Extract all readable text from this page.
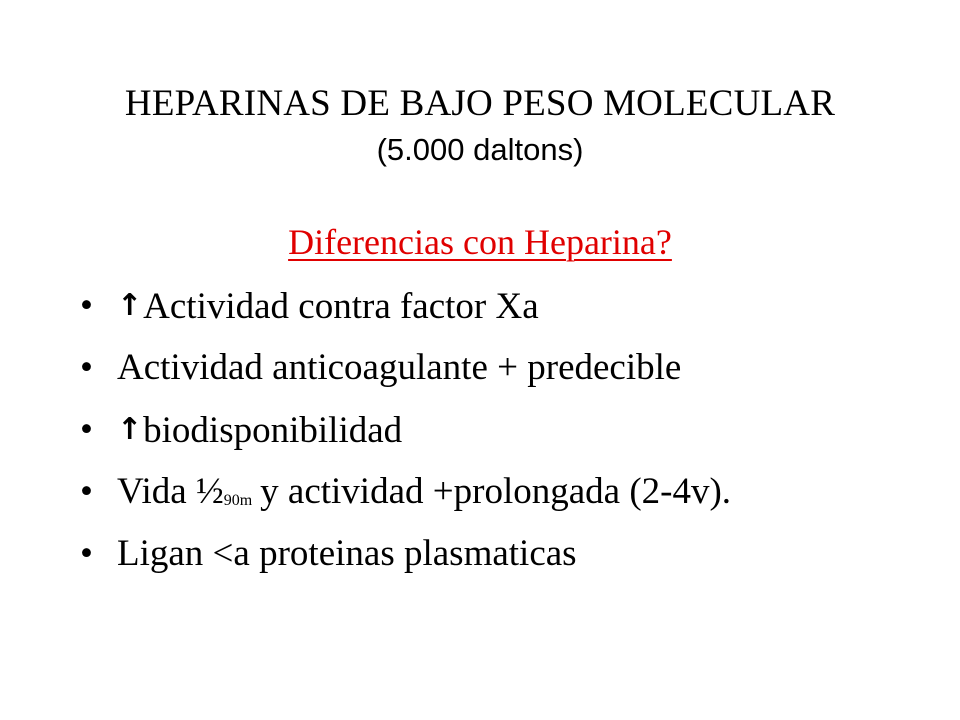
HEPARINAS DE BAJO PESO MOLECULAR
(5.000 daltons)
Diferencias con Heparina?
• ↑Actividad contra factor Xa
• Actividad anticoagulante + predecible
• ↑biodisponibilidad
• Vida ½90m y actividad +prolongada (2-4v).
• Ligan <a proteinas plasmaticas
